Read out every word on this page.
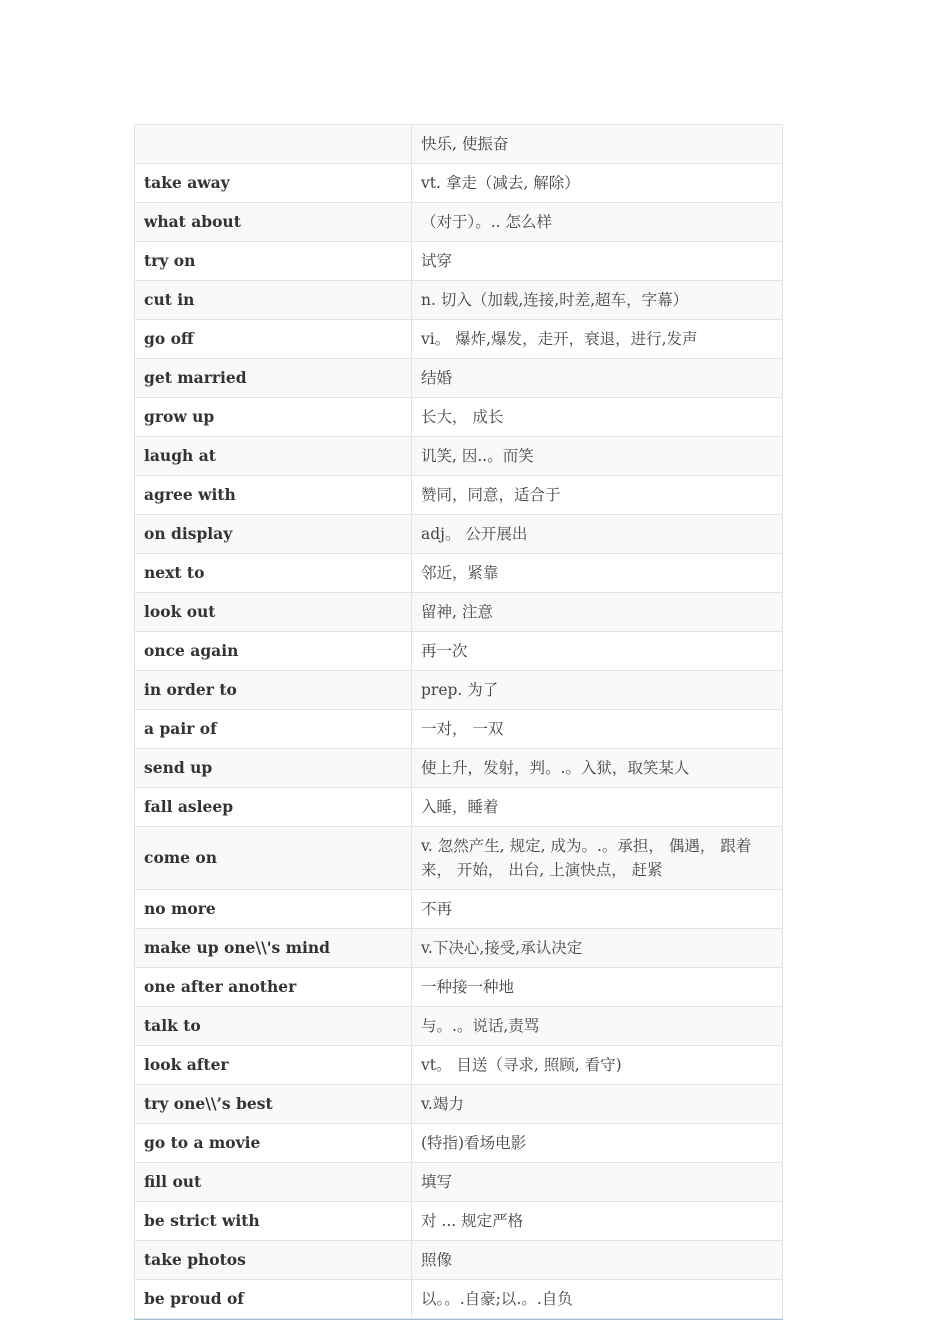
	快乐, 使振奋
take away	vt. 拿走（减去, 解除）
what about	（对于）。.. 怎么样
try on	试穿
cut in	n. 切入（加载,连接,时差,超车，字幕）
go off	vi。 爆炸,爆发，走开，衰退，进行,发声
get married	结婚
grow up	长大， 成长
laugh at	讥笑, 因..。而笑
agree with	赞同，同意，适合于
on display	adj。 公开展出
next to	邻近，紧靠
look out	留神, 注意
once again	再一次
in order to	prep. 为了
a pair of	一对， 一双
send up	使上升，发射，判。.。入狱，取笑某人
fall asleep	入睡，睡着
come on	v. 忽然产生, 规定, 成为。.。承担， 偶遇， 跟着来， 开始， 出台, 上演快点， 赶紧
no more	不再
make up one\\'s mind	v.下决心,接受,承认决定
one after another	一种接一种地
talk to	与。.。说话,责骂
look after	vt。 目送（寻求, 照顾, 看守)
try one\\’s best	v.竭力
go to a movie	(特指)看场电影
fill out	填写
be strict with	对 ... 规定严格
take photos	照像
be proud of	以。。.自豪;以.。.自负
